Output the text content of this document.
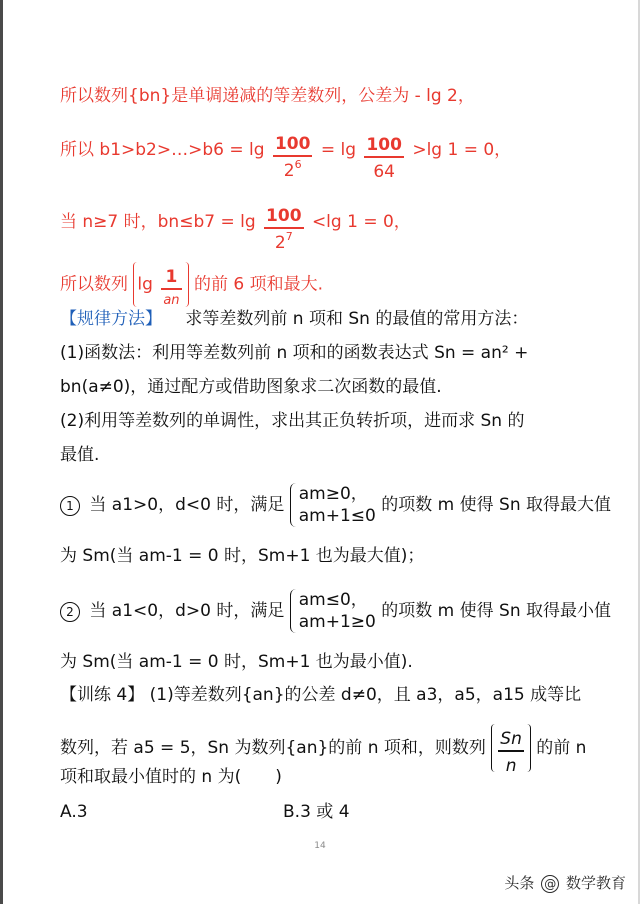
所以数列{bn}是单调递减的等差数列，公差为 - lg 2，
所以 b1>b2>…>b6 = $\lg \frac{100}{2^6} = \lg \frac{100}{64} >\lg$ 1 = 0，
当 n≥7 时，$bn\le b7 = \lg \frac{100}{2^7} <\lg$ 1 = 0，
所以数列 $\lg \frac{1}{an}$ 的前 6 项和最大.
【规律方法】 求等差数列前 n 项和 Sn 的最值的常用方法：
(1)函数法：利用等差数列前 n 项和的函数表达式 Sn = an² +
bn(a≠0)，通过配方或借助图象求二次函数的最值.
(2)利用等差数列的单调性，求出其正负转折项，进而求 Sn 的
最值.
1 当 a1>0，d<0 时，满足
am≥0，
am+1≤0
的项数 m 使得 Sn 取得最大值
为 Sm(当 am-1 = 0 时，Sm+1 也为最大值)；
2 当 a1<0，d>0 时，满足
am≤0，
am+1≥0
的项数 m 使得 Sn 取得最小值
为 Sm(当 am-1 = 0 时，Sm+1 也为最小值).
【训练 4】 (1)等差数列{an}的公差 d≠0，且 a3，a5，a15 成等比
数列，若 a5 = 5，Sn 为数列{an}的前 n 项和，则数列 $\frac{Sn}{n}$ 的前 n
项和取最小值时的 n 为(　　)
A.3	B.3 或 4
14
头条 @ 数学教育
